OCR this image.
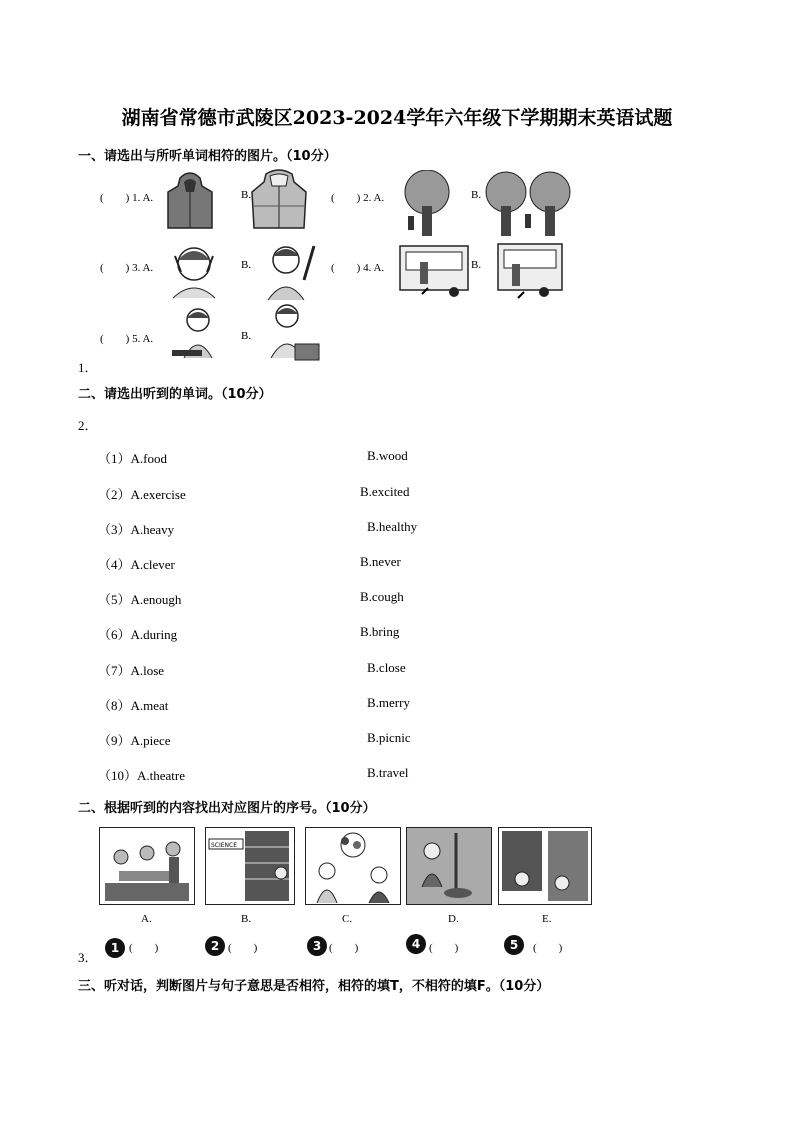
湖南省常德市武陵区2023-2024学年六年级下学期期末英语试题
一、请选出与所听单词相符的图片。（10分）
(　　) 1. A.	B.	(　　) 2. A.	B.
(　　) 3. A.	B.	(　　) 4. A.	B.
(　　) 5. A.	B.
1．
二、请选出听到的单词。（10分）
2．
（1）A.food	B.wood
（2）A.exercise	B.excited
（3）A.heavy	B.healthy
（4）A.clever	B.never
（5）A.enough	B.cough
（6）A.during	B.bring
（7）A.lose	B.close
（8）A.meat	B.merry
（9）A.piece	B.picnic
（10）A.theatre	B.travel
二、根据听到的内容找出对应图片的序号。（10分）
SCIENCE
A.	B.	C.	D.	E.
3．
1 (　　)	2 (　　)	3 (　　)	4 (　　)	5	(　　)
三、听对话，判断图片与句子意思是否相符，相符的填T，不相符的填F。（10分）
